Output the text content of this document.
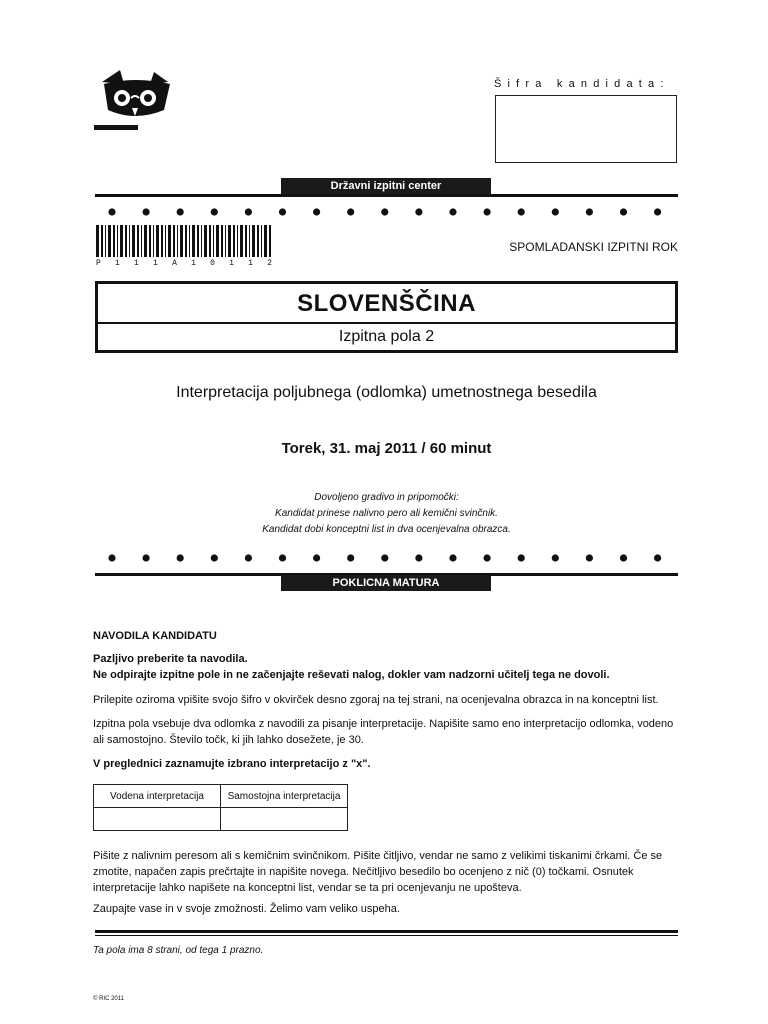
Šifra kandidata:
Državni izpitni center
P 1 1 1 A 1 0 1 1 2
SPOMLADANSKI IZPITNI ROK
SLOVENŠČINA
Izpitna pola 2
Interpretacija poljubnega (odlomka) umetnostnega besedila
Torek, 31. maj 2011 / 60 minut
Dovoljeno gradivo in pripomočki:
Kandidat prinese nalivno pero ali kemični svinčnik.
Kandidat dobi konceptni list in dva ocenjevalna obrazca.
POKLICNA MATURA
NAVODILA KANDIDATU
Pazljivo preberite ta navodila.
Ne odpirajte izpitne pole in ne začenjajte reševati nalog, dokler vam nadzorni učitelj tega ne dovoli.
Prilepite oziroma vpišite svojo šifro v okvirček desno zgoraj na tej strani, na ocenjevalna obrazca in na konceptni list.
Izpitna pola vsebuje dva odlomka z navodili za pisanje interpretacije. Napišite samo eno interpretacijo odlomka, vodeno ali samostojno. Število točk, ki jih lahko dosežete, je 30.
V preglednici zaznamujte izbrano interpretacijo z "x".
Vodena interpretacija	Samostojna interpretacija

Pišite z nalivnim peresom ali s kemičnim svinčnikom. Pišite čitljivo, vendar ne samo z velikimi tiskanimi črkami. Če se zmotite, napačen zapis prečrtajte in napišite novega. Nečitljivo besedilo bo ocenjeno z nič (0) točkami. Osnutek interpretacije lahko napišete na konceptni list, vendar se ta pri ocenjevanju ne upošteva.
Zaupajte vase in v svoje zmožnosti. Želimo vam veliko uspeha.
Ta pola ima 8 strani, od tega 1 prazno.
© RIC 2011
